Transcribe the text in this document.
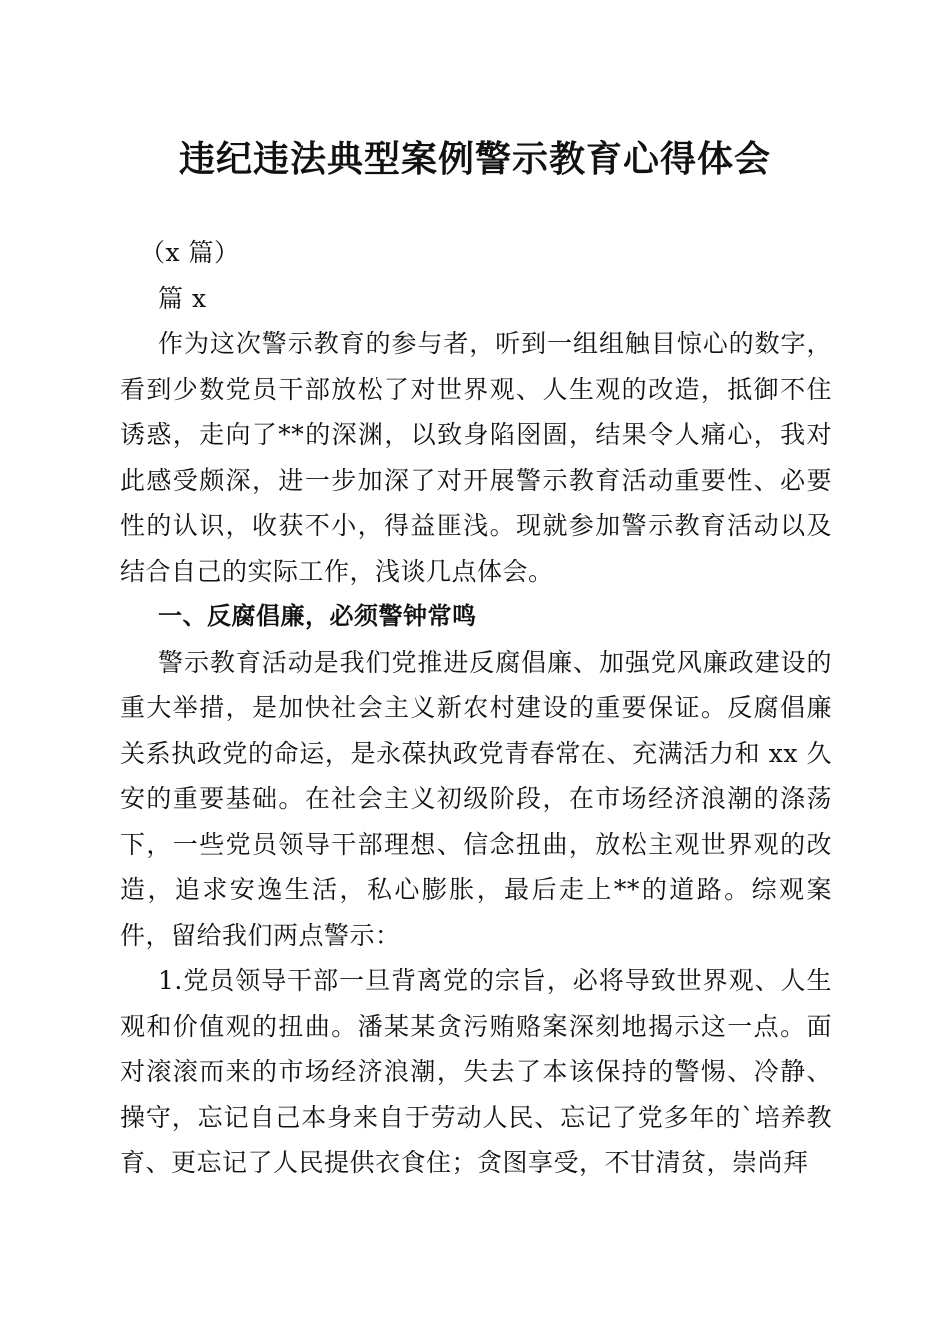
违纪违法典型案例警示教育心得体会

（x 篇）

篇 x

作为这次警示教育的参与者，听到一组组触目惊心的数字，看到少数党员干部放松了对世界观、人生观的改造，抵御不住诱惑，走向了**的深渊，以致身陷囹圄，结果令人痛心，我对此感受颇深，进一步加深了对开展警示教育活动重要性、必要性的认识，收获不小，得益匪浅。现就参加警示教育活动以及结合自己的实际工作，浅谈几点体会。

一、反腐倡廉，必须警钟常鸣

警示教育活动是我们党推进反腐倡廉、加强党风廉政建设的重大举措，是加快社会主义新农村建设的重要保证。反腐倡廉关系执政党的命运，是永葆执政党青春常在、充满活力和 xx 久安的重要基础。在社会主义初级阶段，在市场经济浪潮的涤荡下，一些党员领导干部理想、信念扭曲，放松主观世界观的改造，追求安逸生活，私心膨胀，最后走上**的道路。综观案件，留给我们两点警示：

1.党员领导干部一旦背离党的宗旨，必将导致世界观、人生观和价值观的扭曲。潘某某贪污贿赂案深刻地揭示这一点。面对滚滚而来的市场经济浪潮，失去了本该保持的警惕、冷静、操守，忘记自己本身来自于劳动人民、忘记了党多年的`培养教育、更忘记了人民提供衣食住；贪图享受，不甘清贫，崇尚拜
